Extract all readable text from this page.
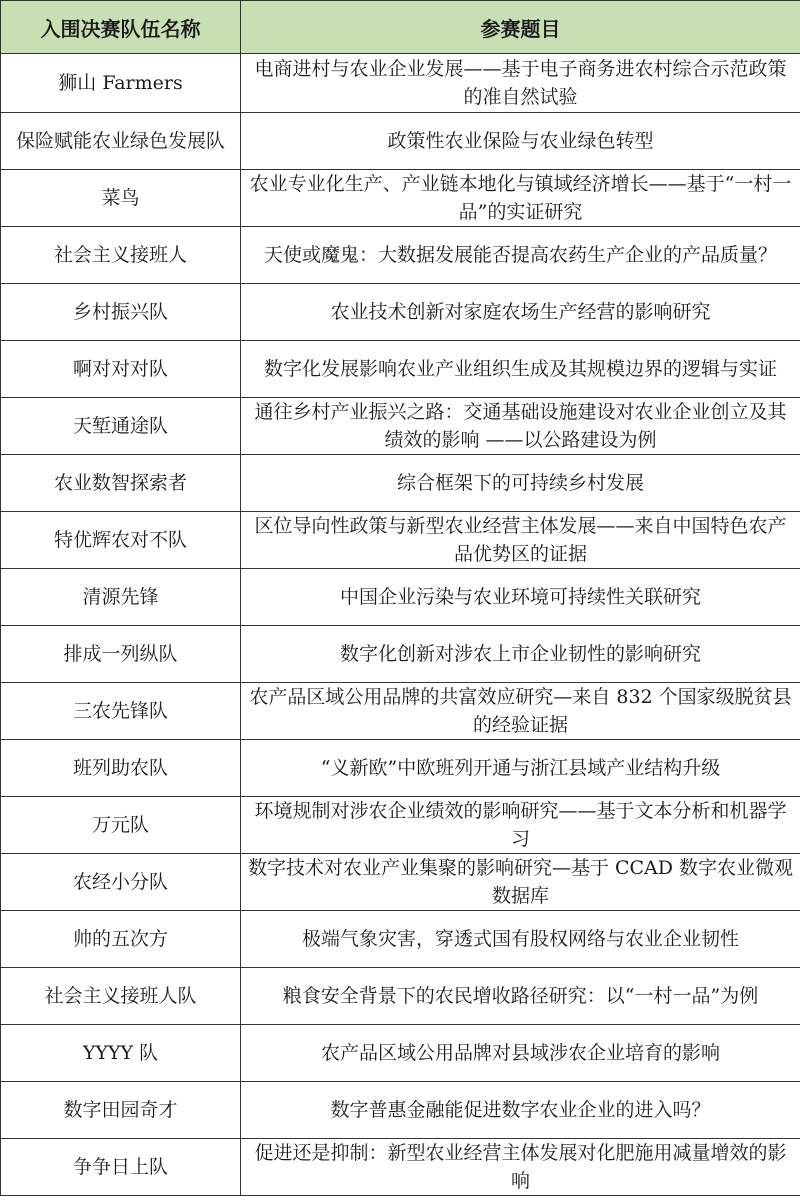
入围决赛队伍名称	参赛题目
狮山 Farmers	电商进村与农业企业发展——基于电子商务进农村综合示范政策的准自然试验
保险赋能农业绿色发展队	政策性农业保险与农业绿色转型
菜鸟	农业专业化生产、产业链本地化与镇域经济增长——基于“一村一品”的实证研究
社会主义接班人	天使或魔鬼：大数据发展能否提高农药生产企业的产品质量？
乡村振兴队	农业技术创新对家庭农场生产经营的影响研究
啊对对对队	数字化发展影响农业产业组织生成及其规模边界的逻辑与实证
天堑通途队	通往乡村产业振兴之路：交通基础设施建设对农业企业创立及其绩效的影响 ——以公路建设为例
农业数智探索者	综合框架下的可持续乡村发展
特优辉农对不队	区位导向性政策与新型农业经营主体发展——来自中国特色农产品优势区的证据
清源先锋	中国企业污染与农业环境可持续性关联研究
排成一列纵队	数字化创新对涉农上市企业韧性的影响研究
三农先锋队	农产品区域公用品牌的共富效应研究—来自 832 个国家级脱贫县的经验证据
班列助农队	“义新欧”中欧班列开通与浙江县域产业结构升级
万元队	环境规制对涉农企业绩效的影响研究——基于文本分析和机器学习
农经小分队	数字技术对农业产业集聚的影响研究—基于 CCAD 数字农业微观数据库
帅的五次方	极端气象灾害，穿透式国有股权网络与农业企业韧性
社会主义接班人队	粮食安全背景下的农民增收路径研究：以“一村一品”为例
YYYY 队	农产品区域公用品牌对县域涉农企业培育的影响
数字田园奇才	数字普惠金融能促进数字农业企业的进入吗？
争争日上队	促进还是抑制：新型农业经营主体发展对化肥施用减量增效的影响
